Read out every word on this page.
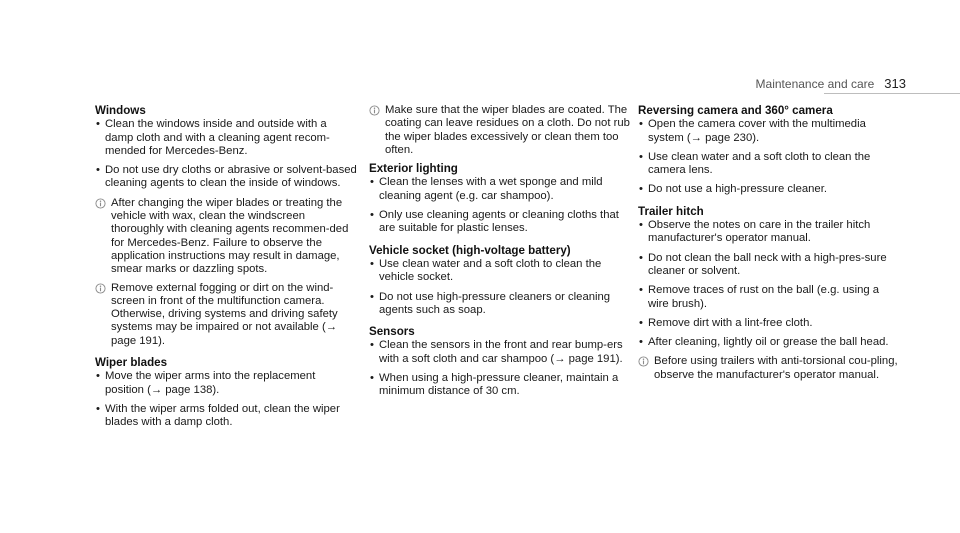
Maintenance and care 313
Windows
• Clean the windows inside and outside with a damp cloth and with a cleaning agent recom-mended for Mercedes-Benz.
• Do not use dry cloths or abrasive or solvent-based cleaning agents to clean the inside of windows.
After changing the wiper blades or treating the vehicle with wax, clean the windscreen thoroughly with cleaning agents recommen-ded for Mercedes-Benz. Failure to observe the application instructions may result in damage, smear marks or dazzling spots.
Remove external fogging or dirt on the wind-screen in front of the multifunction camera. Otherwise, driving systems and driving safety systems may be impaired or not available (→ page 191).
Wiper blades
• Move the wiper arms into the replacement position (→ page 138).
• With the wiper arms folded out, clean the wiper blades with a damp cloth.
Make sure that the wiper blades are coated. The coating can leave residues on a cloth. Do not rub the wiper blades excessively or clean them too often.
Exterior lighting
• Clean the lenses with a wet sponge and mild cleaning agent (e.g. car shampoo).
• Only use cleaning agents or cleaning cloths that are suitable for plastic lenses.
Vehicle socket (high-voltage battery)
• Use clean water and a soft cloth to clean the vehicle socket.
• Do not use high-pressure cleaners or cleaning agents such as soap.
Sensors
• Clean the sensors in the front and rear bump-ers with a soft cloth and car shampoo (→ page 191).
• When using a high-pressure cleaner, maintain a minimum distance of 30 cm.
Reversing camera and 360° camera
• Open the camera cover with the multimedia system (→ page 230).
• Use clean water and a soft cloth to clean the camera lens.
• Do not use a high-pressure cleaner.
Trailer hitch
• Observe the notes on care in the trailer hitch manufacturer's operator manual.
• Do not clean the ball neck with a high-pres-sure cleaner or solvent.
• Remove traces of rust on the ball (e.g. using a wire brush).
• Remove dirt with a lint-free cloth.
• After cleaning, lightly oil or grease the ball head.
Before using trailers with anti-torsional cou-pling, observe the manufacturer's operator manual.
